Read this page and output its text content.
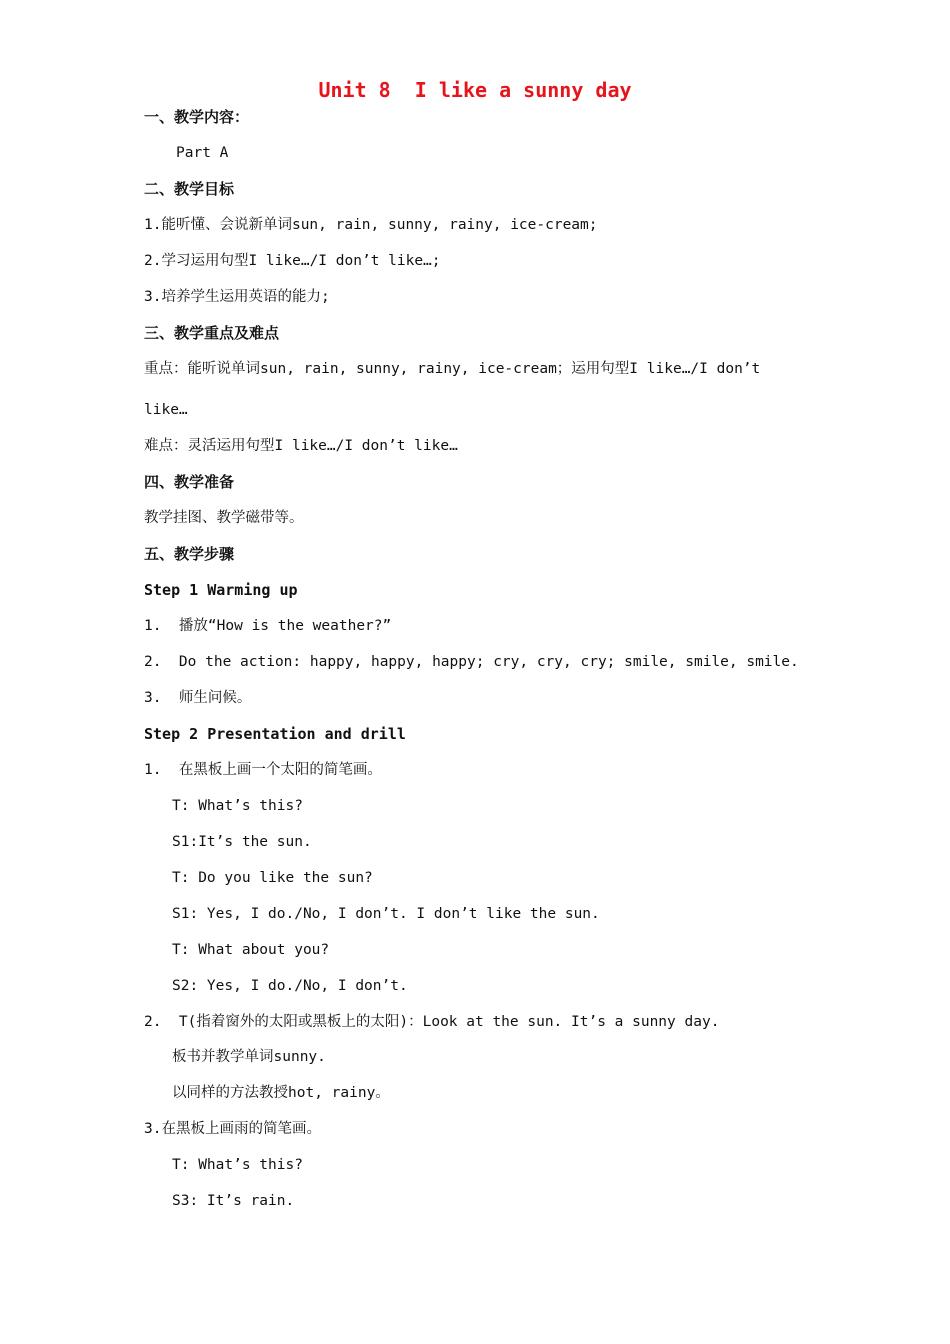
Unit 8  I like a sunny day
一、教学内容：
Part A
二、教学目标
1.能听懂、会说新单词sun, rain, sunny, rainy, ice-cream;
2.学习运用句型I like…/I don’t like…;
3.培养学生运用英语的能力;
三、教学重点及难点
重点：能听说单词sun, rain, sunny, rainy, ice-cream；运用句型I like…/I don’t
like…
难点：灵活运用句型I like…/I don’t like…
四、教学准备
教学挂图、教学磁带等。
五、教学步骤
Step 1 Warming up
1.  播放“How is the weather?”
2.  Do the action: happy, happy, happy; cry, cry, cry; smile, smile, smile.
3.  师生问候。
Step 2 Presentation and drill
1.  在黑板上画一个太阳的简笔画。
T: What’s this?
S1:It’s the sun.
T: Do you like the sun?
S1: Yes, I do./No, I don’t. I don’t like the sun.
T: What about you?
S2: Yes, I do./No, I don’t.
2.  T(指着窗外的太阳或黑板上的太阳)：Look at the sun. It’s a sunny day.
板书并教学单词sunny.
以同样的方法教授hot, rainy。
3.在黑板上画雨的简笔画。
T: What’s this?
S3: It’s rain.
